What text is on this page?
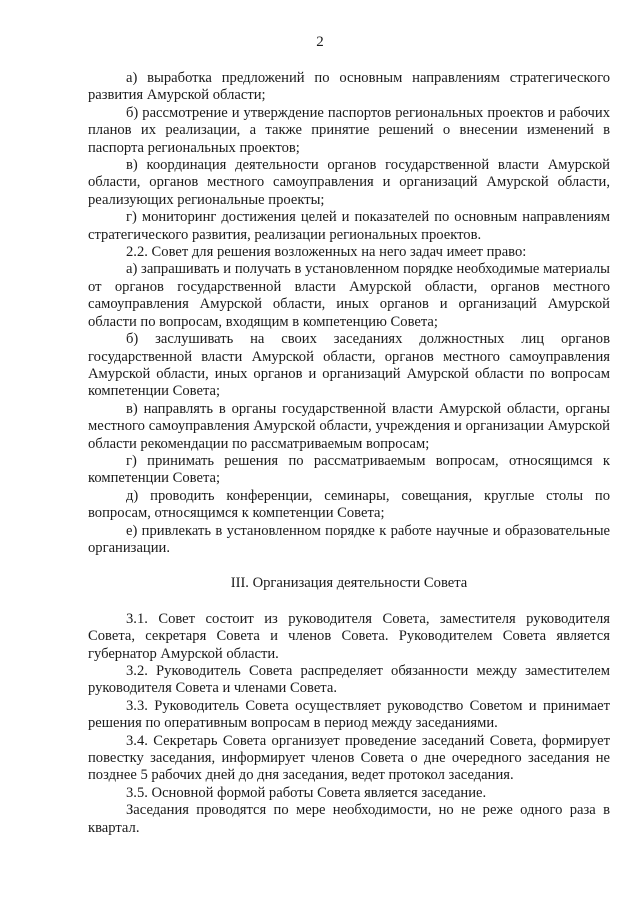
2

а) выработка предложений по основным направлениям стратегического развития Амурской области;

б) рассмотрение и утверждение паспортов региональных проектов и рабочих планов их реализации, а также принятие решений о внесении изменений в паспорта региональных проектов;

в) координация деятельности органов государственной власти Амурской области, органов местного самоуправления и организаций Амурской области, реализующих региональные проекты;

г) мониторинг достижения целей и показателей по основным направлениям стратегического развития, реализации региональных проектов.

2.2. Совет для решения возложенных на него задач имеет право:

а) запрашивать и получать в установленном порядке необходимые материалы от органов государственной власти Амурской области, органов местного самоуправления Амурской области, иных органов и организаций Амурской области по вопросам, входящим в компетенцию Совета;

б) заслушивать на своих заседаниях должностных лиц органов государственной власти Амурской области, органов местного самоуправления Амурской области, иных органов и организаций Амурской области по вопросам компетенции Совета;

в) направлять в органы государственной власти Амурской области, органы местного самоуправления Амурской области, учреждения и организации Амурской области рекомендации по рассматриваемым вопросам;

г) принимать решения по рассматриваемым вопросам, относящимся к компетенции Совета;

д) проводить конференции, семинары, совещания, круглые столы по вопросам, относящимся к компетенции Совета;

е) привлекать в установленном порядке к работе научные и образовательные организации.

III. Организация деятельности Совета

3.1. Совет состоит из руководителя Совета, заместителя руководителя Совета, секретаря Совета и членов Совета. Руководителем Совета является губернатор Амурской области.

3.2. Руководитель Совета распределяет обязанности между заместителем руководителя Совета и членами Совета.

3.3. Руководитель Совета осуществляет руководство Советом и принимает решения по оперативным вопросам в период между заседаниями.

3.4. Секретарь Совета организует проведение заседаний Совета, формирует повестку заседания, информирует членов Совета о дне очередного заседания не позднее 5 рабочих дней до дня заседания, ведет протокол заседания.

3.5. Основной формой работы Совета является заседание.

Заседания проводятся по мере необходимости, но не реже одного раза в квартал.
